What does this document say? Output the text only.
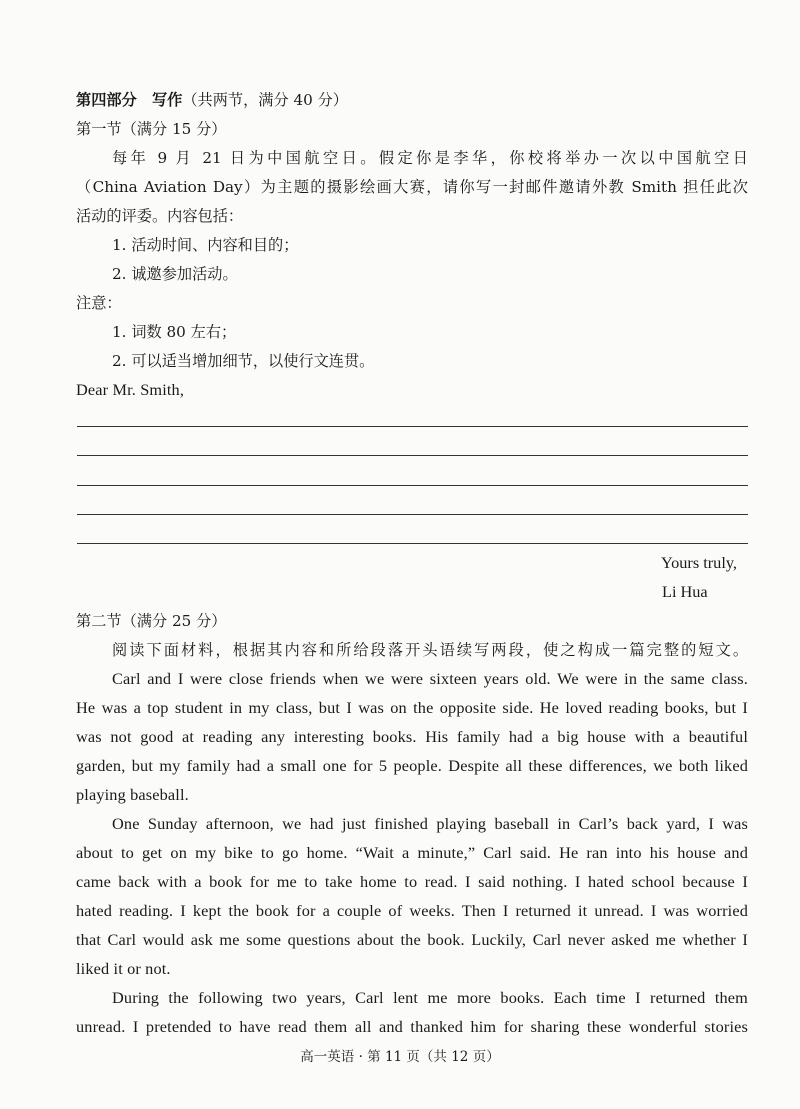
第四部分　写作（共两节，满分 40 分）
第一节（满分 15 分）
每年 9 月 21 日为中国航空日。假定你是李华，你校将举办一次以中国航空日
（China Aviation Day）为主题的摄影绘画大赛，请你写一封邮件邀请外教 Smith 担任此次
活动的评委。内容包括：
1. 活动时间、内容和目的；
2. 诚邀参加活动。
注意：
1. 词数 80 左右；
2. 可以适当增加细节，以使行文连贯。
Dear Mr. Smith,
Yours truly,
Li Hua
第二节（满分 25 分）
阅读下面材料，根据其内容和所给段落开头语续写两段，使之构成一篇完整的短文。
Carl and I were close friends when we were sixteen years old. We were in the same class.
He was a top student in my class, but I was on the opposite side. He loved reading books, but I
was not good at reading any interesting books. His family had a big house with a beautiful
garden, but my family had a small one for 5 people. Despite all these differences, we both liked
playing baseball.
One Sunday afternoon, we had just finished playing baseball in Carl’s back yard, I was
about to get on my bike to go home. “Wait a minute,” Carl said. He ran into his house and
came back with a book for me to take home to read. I said nothing. I hated school because I
hated reading. I kept the book for a couple of weeks. Then I returned it unread. I was worried
that Carl would ask me some questions about the book. Luckily, Carl never asked me whether I
liked it or not.
During the following two years, Carl lent me more books. Each time I returned them
unread. I pretended to have read them all and thanked him for sharing these wonderful stories
高一英语 · 第 11 页（共 12 页）
